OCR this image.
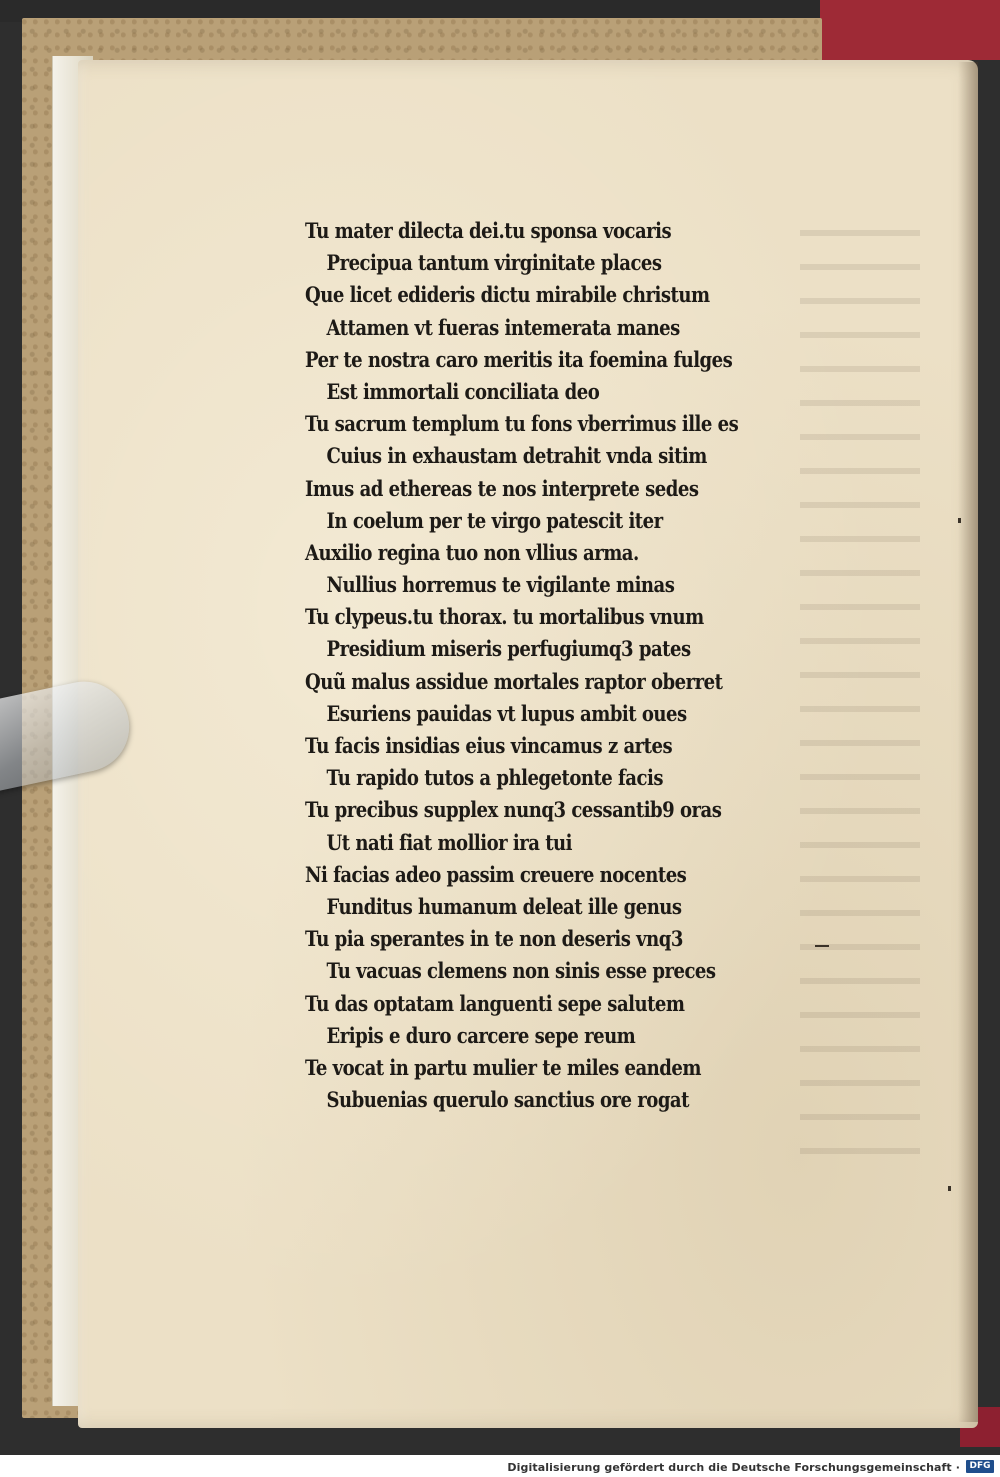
Tu mater dilecta dei.tu sponsa vocaris

Precipua tantum virginitate places

Que licet edideris dictu mirabile christum

Attamen vt fueras intemerata manes

Per te nostra caro meritis ita foemina fulges

Est immortali conciliata deo

Tu sacrum templum tu fons vberrimus ille es

Cuius in exhaustam detrahit vnda sitim

Imus ad ethereas te nos interprete sedes

In coelum per te virgo patescit iter

Auxilio regina tuo non vllius arma.

Nullius horremus te vigilante minas

Tu clypeus.tu thorax. tu mortalibus vnum

Presidium miseris perfugiumq3 pates

Quũ malus assidue mortales raptor oberret

Esuriens pauidas vt lupus ambit oues

Tu facis insidias eius vincamus z artes

Tu rapido tutos a phlegetonte facis

Tu precibus supplex nunq3 cessantib9 oras

Ut nati fiat mollior ira tui

Ni facias adeo passim creuere nocentes

Funditus humanum deleat ille genus

Tu pia sperantes in te non deseris vnq3

Tu vacuas clemens non sinis esse preces

Tu das optatam languenti sepe salutem

Eripis e duro carcere sepe reum

Te vocat in partu mulier te miles eandem

Subuenias querulo sanctius ore rogat

Digitalisierung gefördert durch die Deutsche Forschungsgemeinschaft ·	DFG
